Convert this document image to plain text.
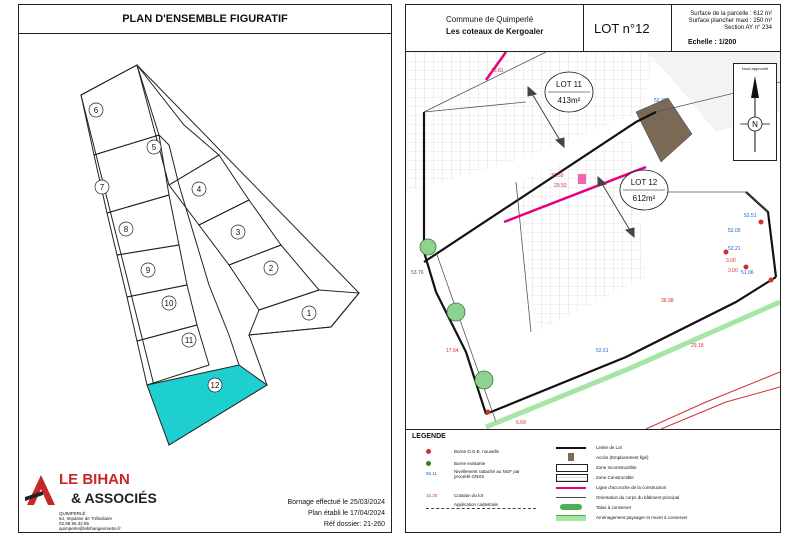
PLAN D'ENSEMBLE FIGURATIF
6
5
7	4
8	3
9	2
10
1
11
12
LE BIHAN
& ASSOCIÉS
QUIMPERLÉ
54, Impasse de Trébuliaire
02.98.96.32.85
quimperle@lebihangeometre.fr
Bornage effectué le 25/03/2024
Plan établi le 17/04/2024
Réf dossier: 21-260
Commune de Quimperlé
Les coteaux de Kergoaler	LOT n°12
Surface de la parcelle : 612 m²
Surface plancher maxi : 250 m²
Section AY n° 234
Echelle : 1/200
LOT 11
413m²
LOT 12
612m²
31.50
29.50
26.81
36.98
29.18
6.69
17.64
3.00
3.00
52.41
52.61
52.05
52.21
53.76	51.06
52.51
Nord approché
N
LEGENDE
Borne O.G.E. nouvelle
Borne existante
56.11	Nivellement rattaché au NGF par procédé GNSS
15.20	Cotation du lot
Application cadastrale
Limite de Lot
Accès (Emplacement figé)
Zone Inconstructible
Zone Constructible
Ligne d'accroche de la construction
Orientation du corps du bâtiment principal
Talus à conserver
Aménagement paysager et muret à conserver
